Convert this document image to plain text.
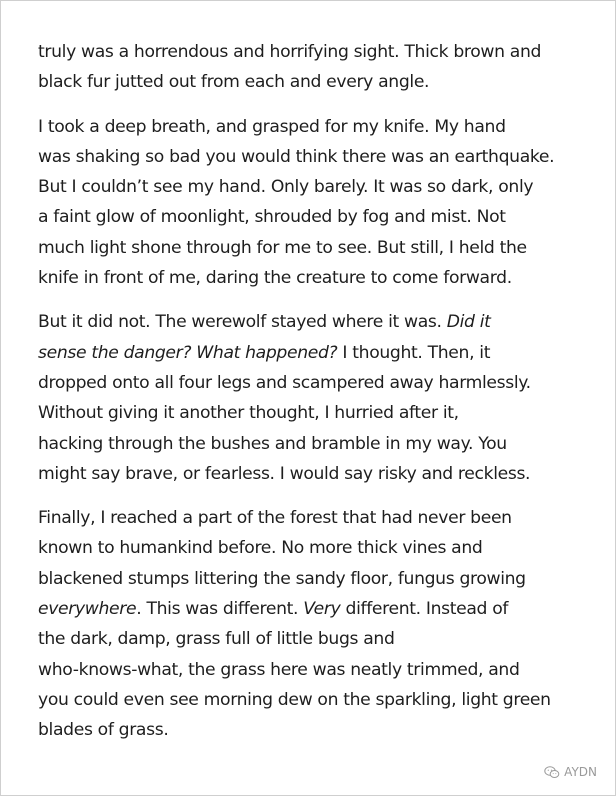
truly was a horrendous and horrifying sight. Thick brown and
black fur jutted out from each and every angle.
I took a deep breath, and grasped for my knife. My hand
was shaking so bad you would think there was an earthquake.
But I couldn’t see my hand. Only barely. It was so dark, only
a faint glow of moonlight, shrouded by fog and mist. Not
much light shone through for me to see. But still, I held the
knife in front of me, daring the creature to come forward.
But it did not. The werewolf stayed where it was. Did it
sense the danger? What happened? I thought. Then, it
dropped onto all four legs and scampered away harmlessly.
Without giving it another thought, I hurried after it,
hacking through the bushes and bramble in my way. You
might say brave, or fearless. I would say risky and reckless.
Finally, I reached a part of the forest that had never been
known to humankind before. No more thick vines and
blackened stumps littering the sandy floor, fungus growing
everywhere. This was different. Very different. Instead of
the dark, damp, grass full of little bugs and
who-knows-what, the grass here was neatly trimmed, and
you could even see morning dew on the sparkling, light green
blades of grass.
AYDN
